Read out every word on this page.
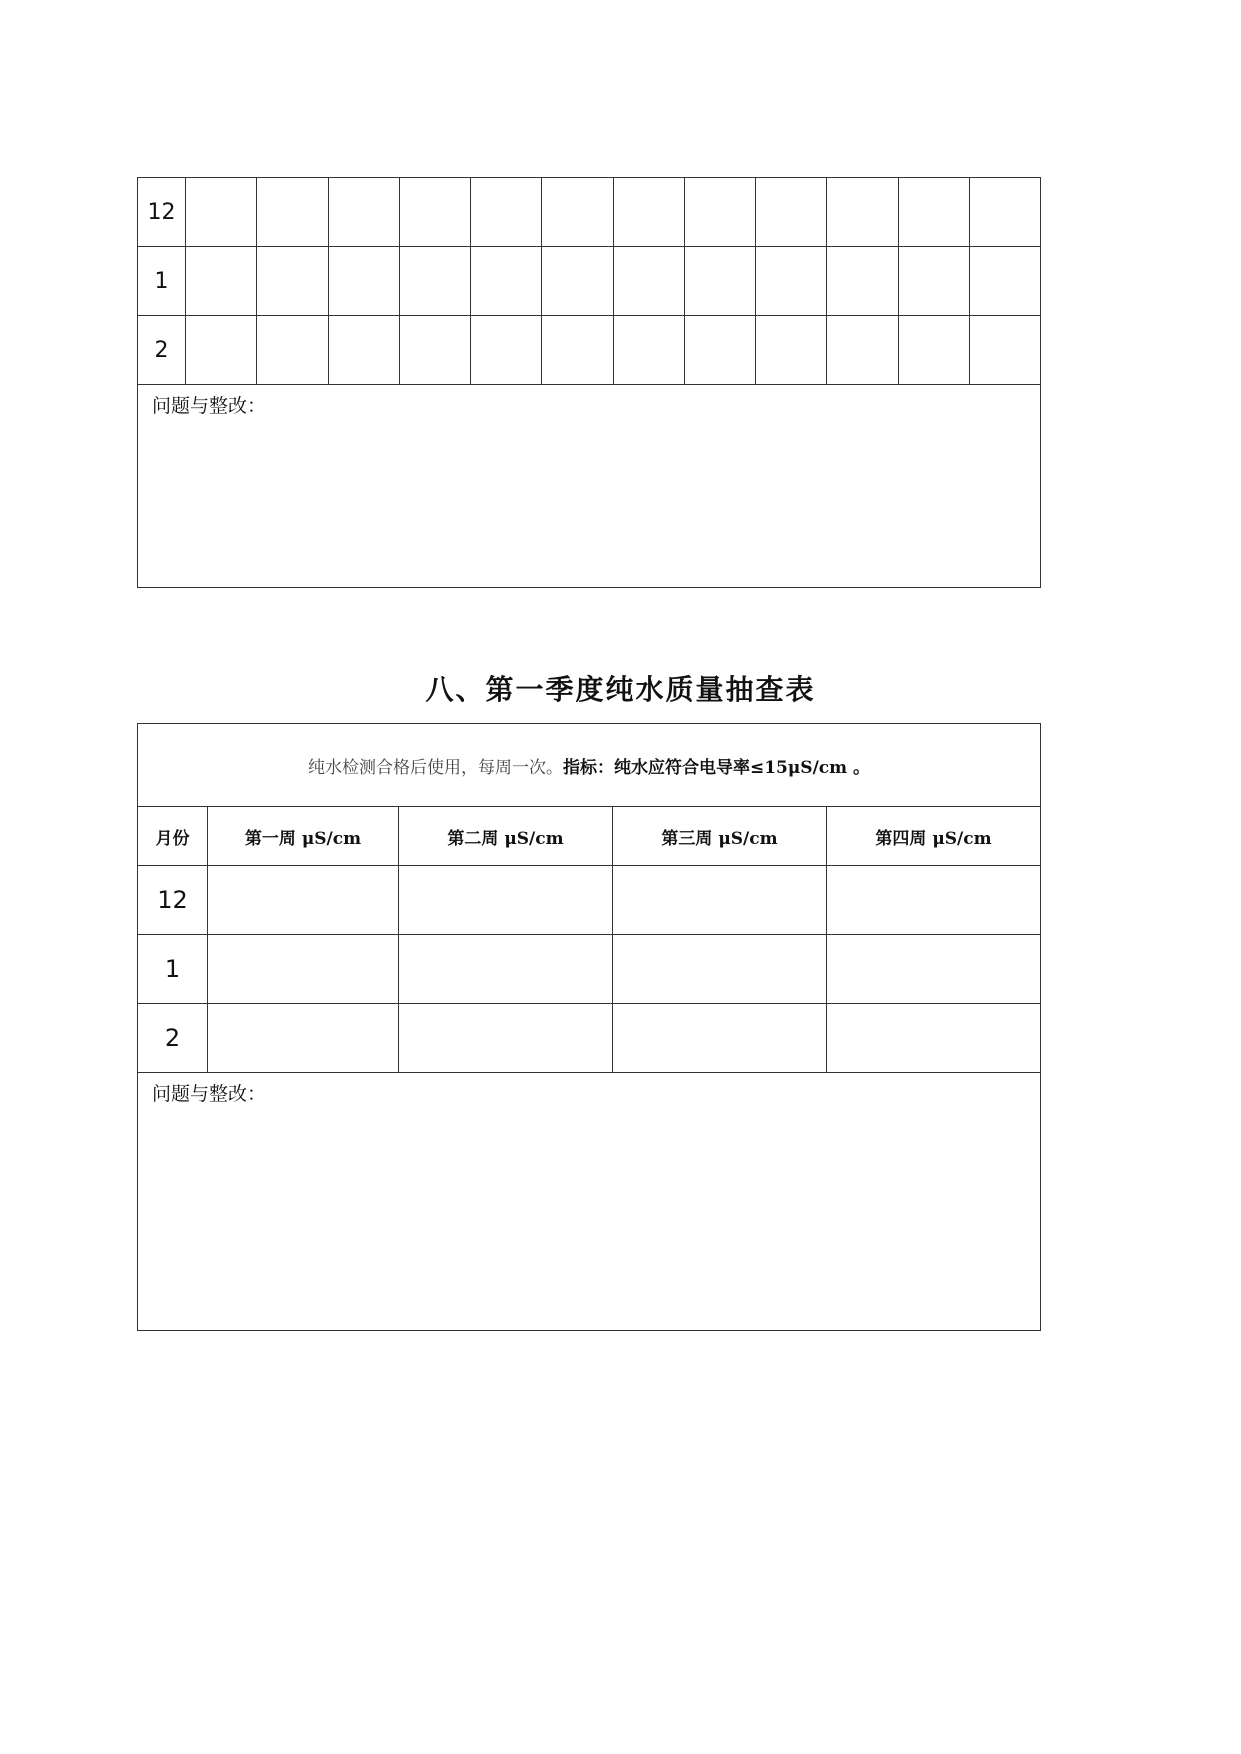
12												
1												
2												
问题与整改：												
八、第一季度纯水质量抽查表
纯水检测合格后使用，每周一次。指标：纯水应符合电导率≤15μS/cm 。				
月份	第一周 μS/cm	第二周 μS/cm	第三周 μS/cm	第四周 μS/cm
12				
1				
2				
问题与整改：				
